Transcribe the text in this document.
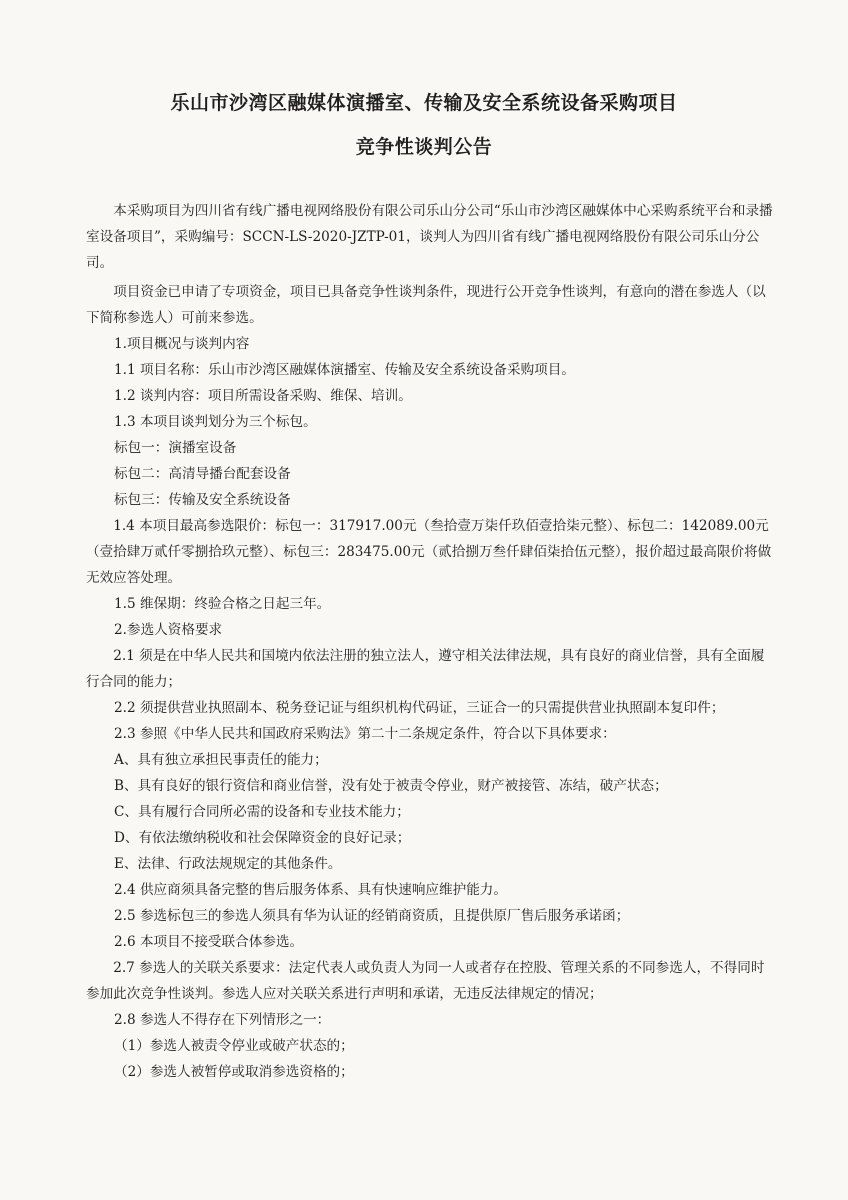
乐山市沙湾区融媒体演播室、传输及安全系统设备采购项目
竞争性谈判公告

本采购项目为四川省有线广播电视网络股份有限公司乐山分公司“乐山市沙湾区融媒体中心采购系统平台和录播室设备项目”，采购编号：SCCN-LS-2020-JZTP-01，谈判人为四川省有线广播电视网络股份有限公司乐山分公司。

项目资金已申请了专项资金，项目已具备竞争性谈判条件，现进行公开竞争性谈判，有意向的潜在参选人（以下简称参选人）可前来参选。

1.项目概况与谈判内容
1.1 项目名称：乐山市沙湾区融媒体演播室、传输及安全系统设备采购项目。
1.2 谈判内容：项目所需设备采购、维保、培训。
1.3 本项目谈判划分为三个标包。
标包一：演播室设备
标包二：高清导播台配套设备
标包三：传输及安全系统设备

1.4 本项目最高参选限价：标包一：317917.00元（叁拾壹万柒仟玖佰壹拾柒元整）、标包二：142089.00元（壹拾肆万贰仟零捌拾玖元整）、标包三：283475.00元（贰拾捌万叁仟肆佰柒拾伍元整），报价超过最高限价将做无效应答处理。

1.5 维保期：终验合格之日起三年。
2.参选人资格要求

2.1 须是在中华人民共和国境内依法注册的独立法人，遵守相关法律法规，具有良好的商业信誉，具有全面履行合同的能力；

2.2 须提供营业执照副本、税务登记证与组织机构代码证，三证合一的只需提供营业执照副本复印件；
2.3 参照《中华人民共和国政府采购法》第二十二条规定条件，符合以下具体要求：
A、具有独立承担民事责任的能力；
B、具有良好的银行资信和商业信誉，没有处于被责令停业，财产被接管、冻结，破产状态；
C、具有履行合同所必需的设备和专业技术能力；
D、有依法缴纳税收和社会保障资金的良好记录；
E、法律、行政法规规定的其他条件。
2.4 供应商须具备完整的售后服务体系、具有快速响应维护能力。
2.5 参选标包三的参选人须具有华为认证的经销商资质，且提供原厂售后服务承诺函；
2.6 本项目不接受联合体参选。

2.7 参选人的关联关系要求：法定代表人或负责人为同一人或者存在控股、管理关系的不同参选人，不得同时参加此次竞争性谈判。参选人应对关联关系进行声明和承诺，无违反法律规定的情况；

2.8 参选人不得存在下列情形之一：
（1）参选人被责令停业或破产状态的；
（2）参选人被暂停或取消参选资格的；
